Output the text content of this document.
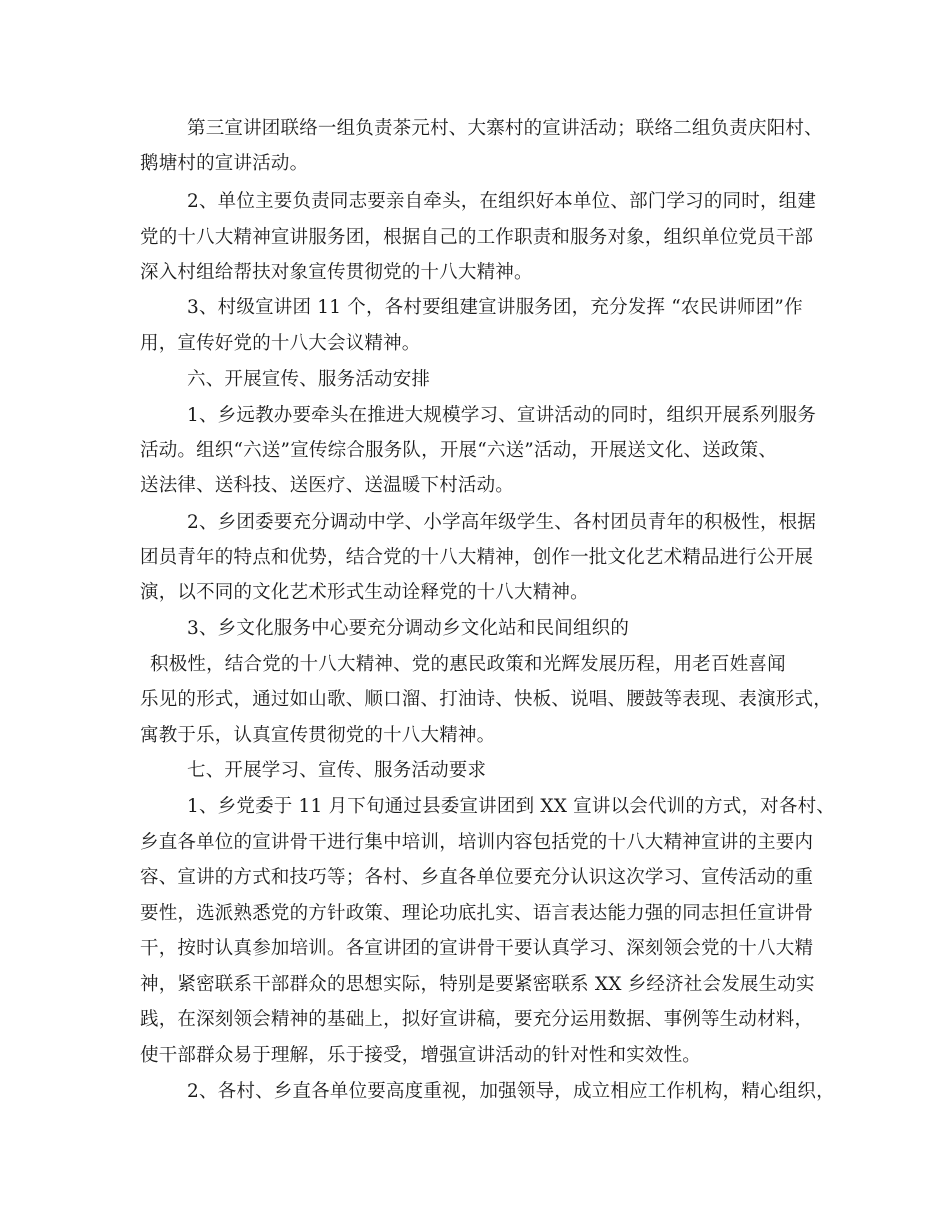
第三宣讲团联络一组负责茶元村、大寨村的宣讲活动；联络二组负责庆阳村、
鹅塘村的宣讲活动。
2、单位主要负责同志要亲自牵头，在组织好本单位、部门学习的同时，组建
党的十八大精神宣讲服务团，根据自己的工作职责和服务对象，组织单位党员干部
深入村组给帮扶对象宣传贯彻党的十八大精神。
3、村级宣讲团 11 个，各村要组建宣讲服务团，充分发挥 “农民讲师团”作
用，宣传好党的十八大会议精神。
六、开展宣传、服务活动安排
1、乡远教办要牵头在推进大规模学习、宣讲活动的同时，组织开展系列服务
活动。组织“六送”宣传综合服务队，开展“六送”活动，开展送文化、送政策、
送法律、送科技、送医疗、送温暖下村活动。
2、乡团委要充分调动中学、小学高年级学生、各村团员青年的积极性，根据
团员青年的特点和优势，结合党的十八大精神，创作一批文化艺术精品进行公开展
演，以不同的文化艺术形式生动诠释党的十八大精神。
3、乡文化服务中心要充分调动乡文化站和民间组织的
积极性，结合党的十八大精神、党的惠民政策和光辉发展历程，用老百姓喜闻
乐见的形式，通过如山歌、顺口溜、打油诗、快板、说唱、腰鼓等表现、表演形式，
寓教于乐，认真宣传贯彻党的十八大精神。
七、开展学习、宣传、服务活动要求
1、乡党委于 11 月下旬通过县委宣讲团到 XX 宣讲以会代训的方式，对各村、
乡直各单位的宣讲骨干进行集中培训，培训内容包括党的十八大精神宣讲的主要内
容、宣讲的方式和技巧等；各村、乡直各单位要充分认识这次学习、宣传活动的重
要性，选派熟悉党的方针政策、理论功底扎实、语言表达能力强的同志担任宣讲骨
干，按时认真参加培训。各宣讲团的宣讲骨干要认真学习、深刻领会党的十八大精
神，紧密联系干部群众的思想实际，特别是要紧密联系 XX 乡经济社会发展生动实
践，在深刻领会精神的基础上，拟好宣讲稿，要充分运用数据、事例等生动材料，
使干部群众易于理解，乐于接受，增强宣讲活动的针对性和实效性。
2、各村、乡直各单位要高度重视，加强领导，成立相应工作机构，精心组织，
